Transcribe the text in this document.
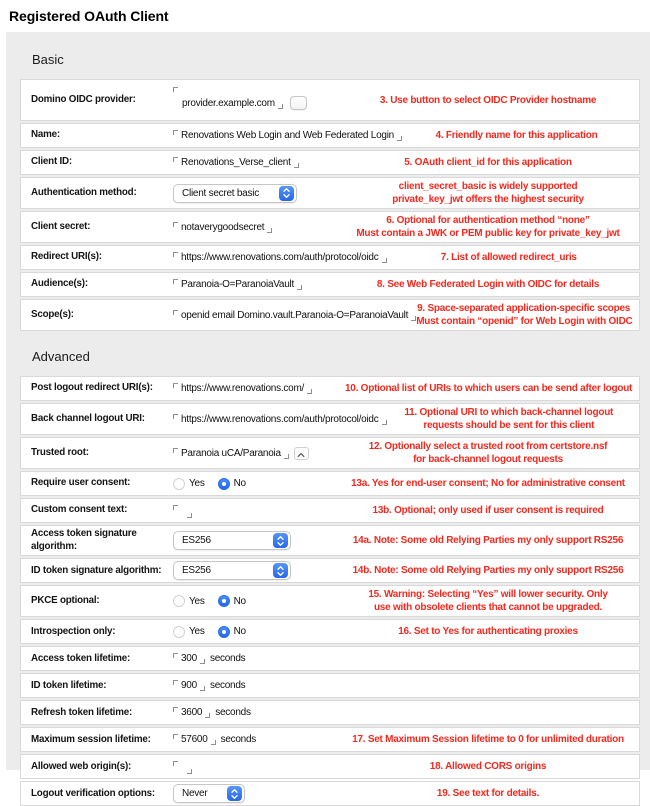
Registered OAuth Client
Basic
Domino OIDC provider:	provider.example.com	3. Use button to select OIDC Provider hostname
Name:	Renovations Web Login and Web Federated Login	4. Friendly name for this application
Client ID:	Renovations_Verse_client	5. OAuth client_id for this application
Authentication method:	Client secret basic
client_secret_basic is widely supported
private_key_jwt offers the highest security
Client secret:	notaverygoodsecret
6. Optional for authentication method “none”
Must contain a JWK or PEM public key for private_key_jwt
Redirect URI(s):	https://www.renovations.com/auth/protocol/oidc	7. List of allowed redirect_uris
Audience(s):	Paranoia-O=ParanoiaVault	8. See Web Federated Login with OIDC for details
Scope(s):	openid email Domino.vault.Paranoia-O=ParanoiaVault
9. Space-separated application-specific scopes
Must contain “openid” for Web Login with OIDC
Advanced
Post logout redirect URI(s):	https://www.renovations.com/	10. Optional list of URIs to which users can be send after logout
Back channel logout URI:	https://www.renovations.com/auth/protocol/oidc
11. Optional URI to which back-channel logout
requests should be sent for this client
Trusted root:	Paranoia uCA/Paranoia
12. Optionally select a trusted root from certstore.nsf
for back-channel logout requests
Require user consent:	Yes	No	13a. Yes for end-user consent; No for administrative consent
Custom consent text:	13b. Optional; only used if user consent is required
Access token signature algorithm:	ES256	14a. Note: Some old Relying Parties my only support RS256
ID token signature algorithm:	ES256	14b. Note: Some old Relying Parties my only support RS256
PKCE optional:	Yes	No
15. Warning: Selecting “Yes” will lower security. Only
use with obsolete clients that cannot be upgraded.
Introspection only:	Yes	No	16. Set to Yes for authenticating proxies
Access token lifetime:	300 seconds
ID token lifetime:	900 seconds
Refresh token lifetime:	3600 seconds
Maximum session lifetime:	57600 seconds	17. Set Maximum Session lifetime to 0 for unlimited duration
Allowed web origin(s):	18. Allowed CORS origins
Logout verification options:	Never	19. See text for details.
